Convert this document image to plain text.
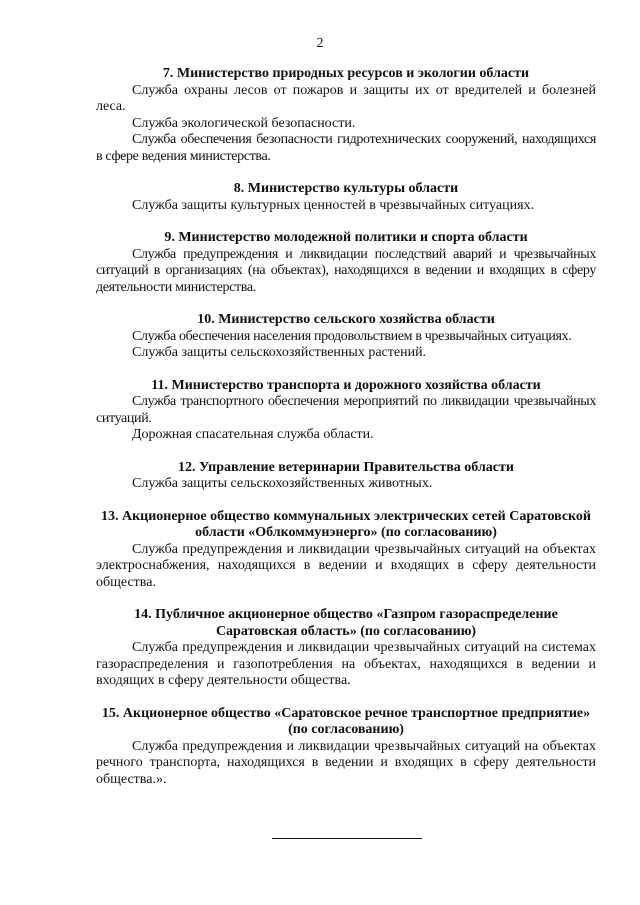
2
7. Министерство природных ресурсов и экологии области
Служба охраны лесов от пожаров и защиты их от вредителей и болезней леса.
Служба экологической безопасности.
Служба обеспечения безопасности гидротехнических сооружений, находящихся в сфере ведения министерства.
8. Министерство культуры области
Служба защиты культурных ценностей в чрезвычайных ситуациях.
9. Министерство молодежной политики и спорта области
Служба предупреждения и ликвидации последствий аварий и чрезвычайных ситуаций в организациях (на объектах), находящихся в ведении и входящих в сферу деятельности министерства.
10. Министерство сельского хозяйства области
Служба обеспечения населения продовольствием в чрезвычайных ситуациях.
Служба защиты сельскохозяйственных растений.
11. Министерство транспорта и дорожного хозяйства области
Служба транспортного обеспечения мероприятий по ликвидации чрезвычайных ситуаций.
Дорожная спасательная служба области.
12. Управление ветеринарии Правительства области
Служба защиты сельскохозяйственных животных.
13. Акционерное общество коммунальных электрических сетей Саратовской области «Облкоммунэнерго» (по согласованию)
Служба предупреждения и ликвидации чрезвычайных ситуаций на объектах электроснабжения, находящихся в ведении и входящих в сферу деятельности общества.
14. Публичное акционерное общество «Газпром газораспределение Саратовская область» (по согласованию)
Служба предупреждения и ликвидации чрезвычайных ситуаций на системах газораспределения и газопотребления на объектах, находящихся в ведении и входящих в сферу деятельности общества.
15. Акционерное общество «Саратовское речное транспортное предприятие» (по согласованию)
Служба предупреждения и ликвидации чрезвычайных ситуаций на объектах речного транспорта, находящихся в ведении и входящих в сферу деятельности общества.».
